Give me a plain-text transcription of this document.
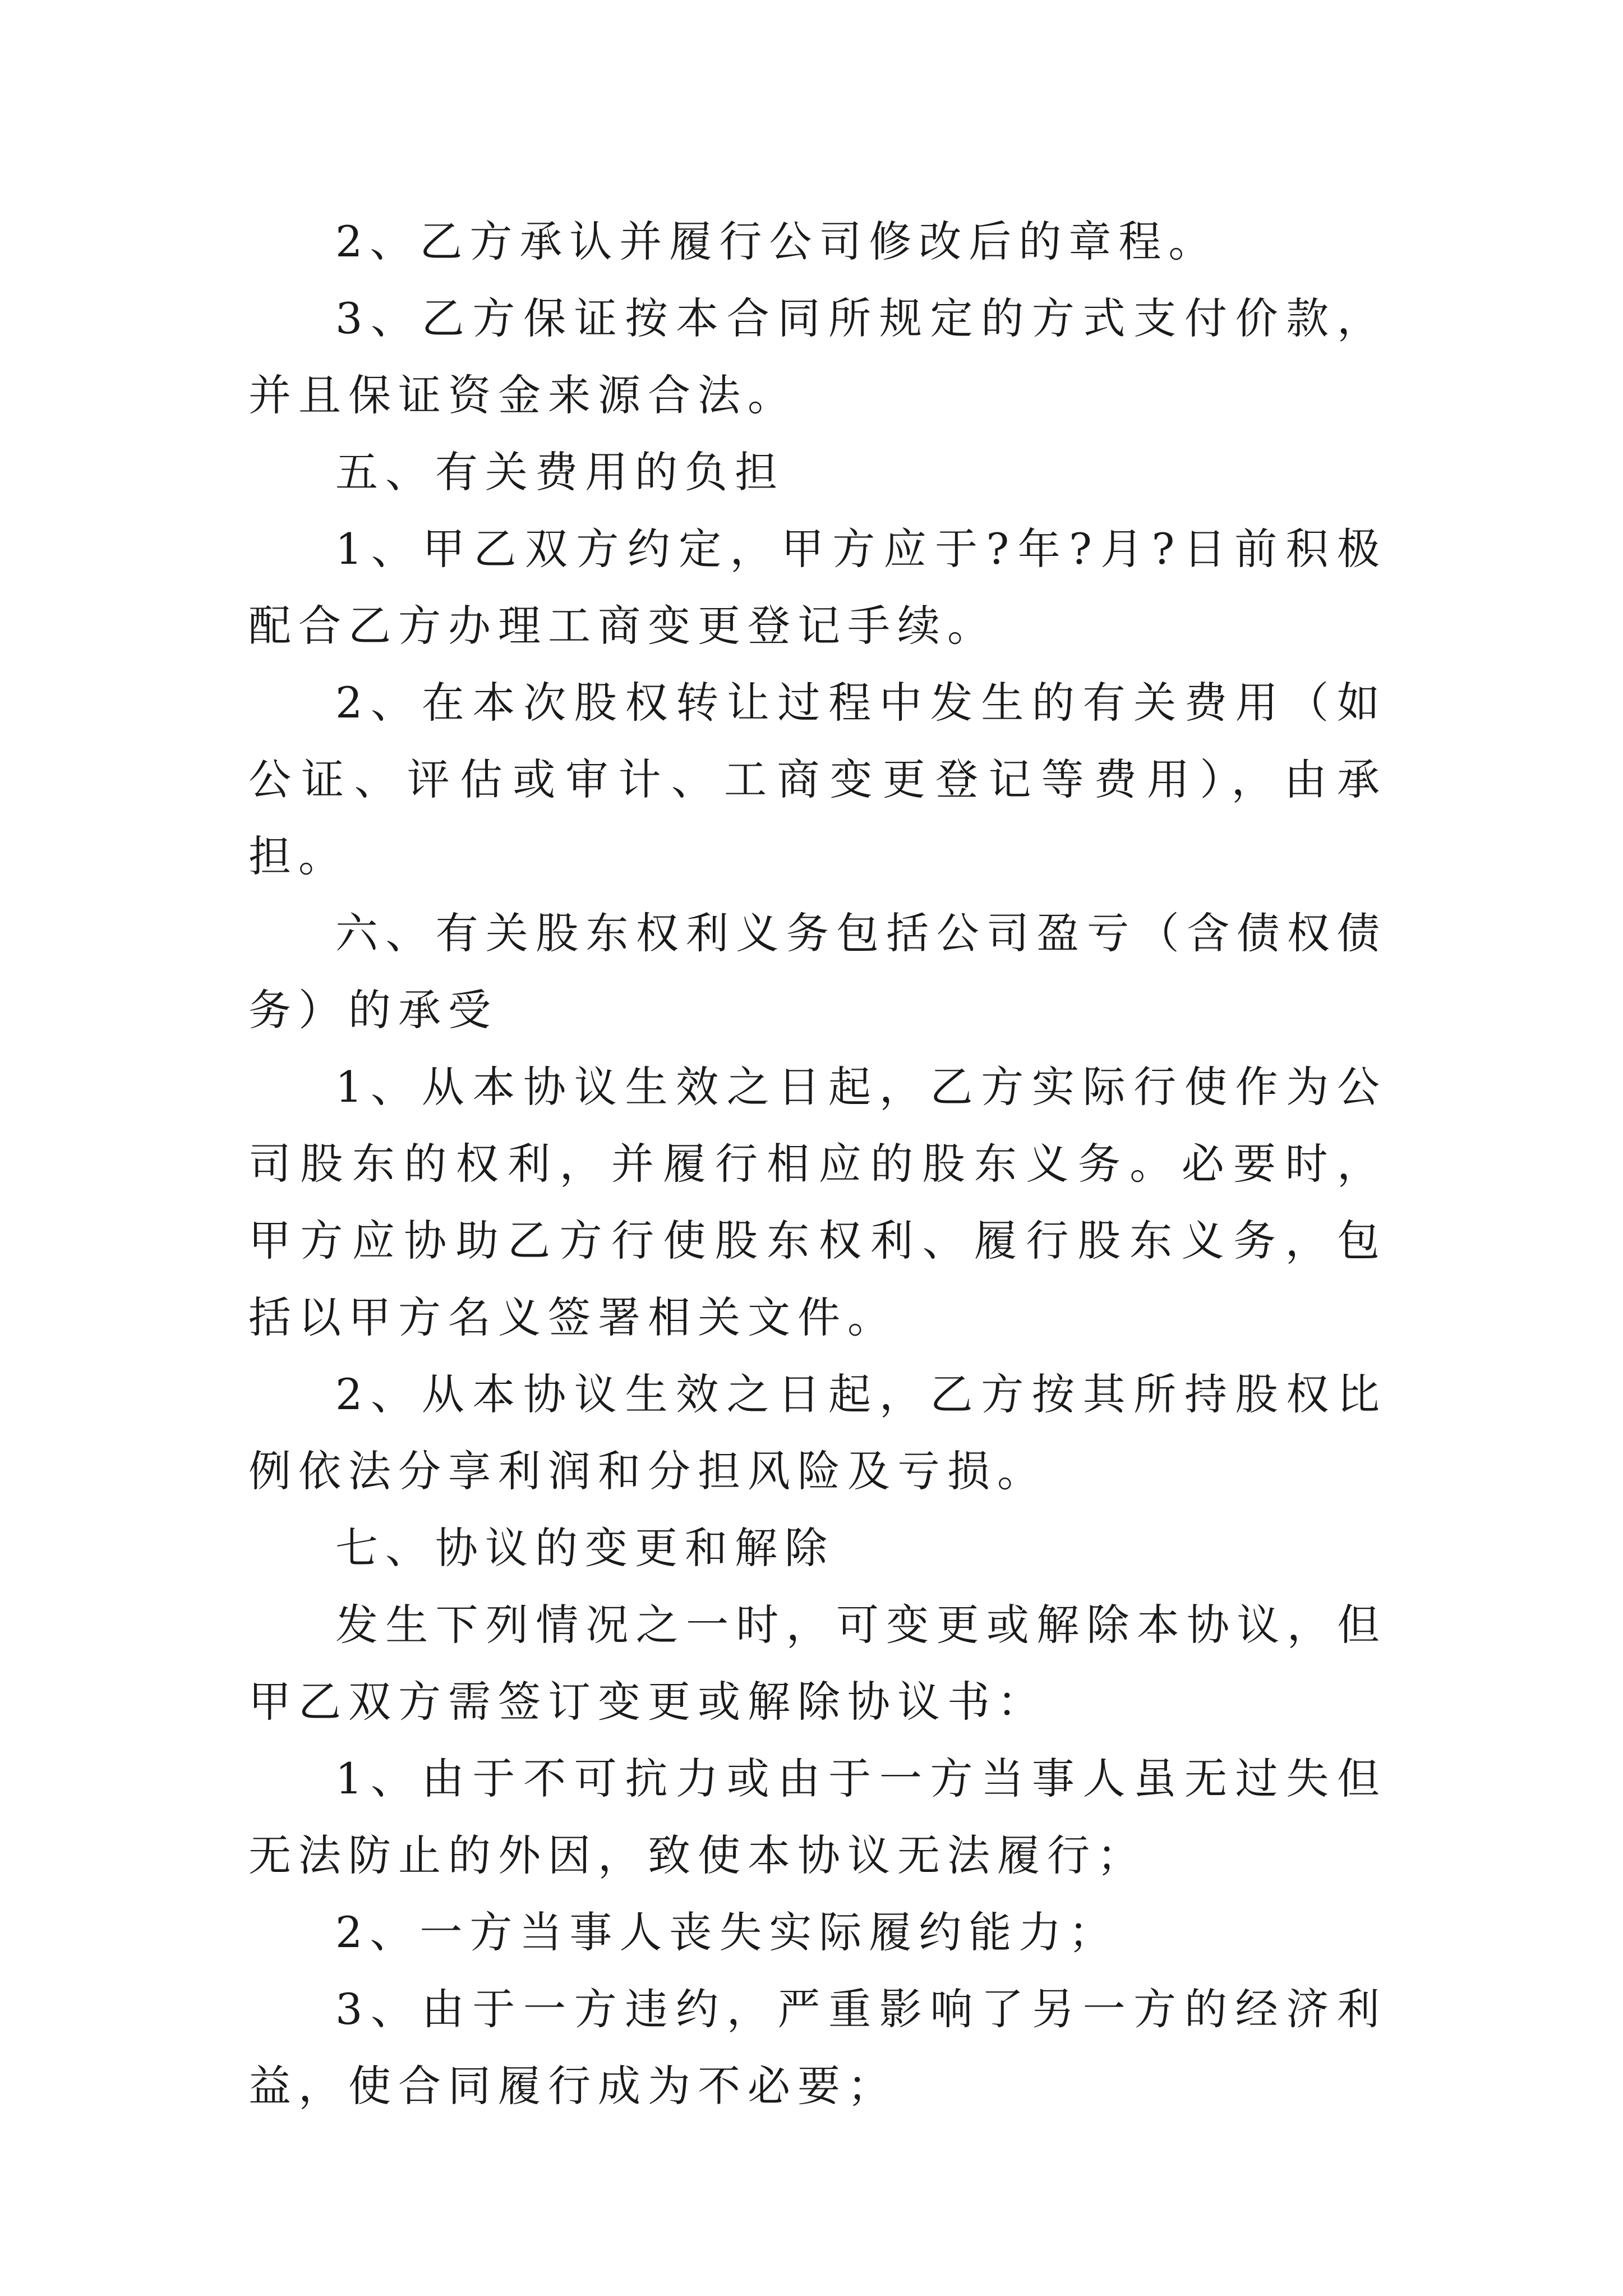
2、乙方承认并履行公司修改后的章程。

3、乙方保证按本合同所规定的方式支付价款，并且保证资金来源合法。

五、有关费用的负担

1、甲乙双方约定，甲方应于?年?月?日前积极配合乙方办理工商变更登记手续。

2、在本次股权转让过程中发生的有关费用（如公证、评估或审计、工商变更登记等费用），由承担。

六、有关股东权利义务包括公司盈亏（含债权债务）的承受

1、从本协议生效之日起，乙方实际行使作为公司股东的权利，并履行相应的股东义务。必要时，甲方应协助乙方行使股东权利、履行股东义务，包括以甲方名义签署相关文件。

2、从本协议生效之日起，乙方按其所持股权比例依法分享利润和分担风险及亏损。

七、协议的变更和解除

发生下列情况之一时，可变更或解除本协议，但甲乙双方需签订变更或解除协议书：

1、由于不可抗力或由于一方当事人虽无过失但无法防止的外因，致使本协议无法履行；

2、一方当事人丧失实际履约能力；

3、由于一方违约，严重影响了另一方的经济利益，使合同履行成为不必要；
